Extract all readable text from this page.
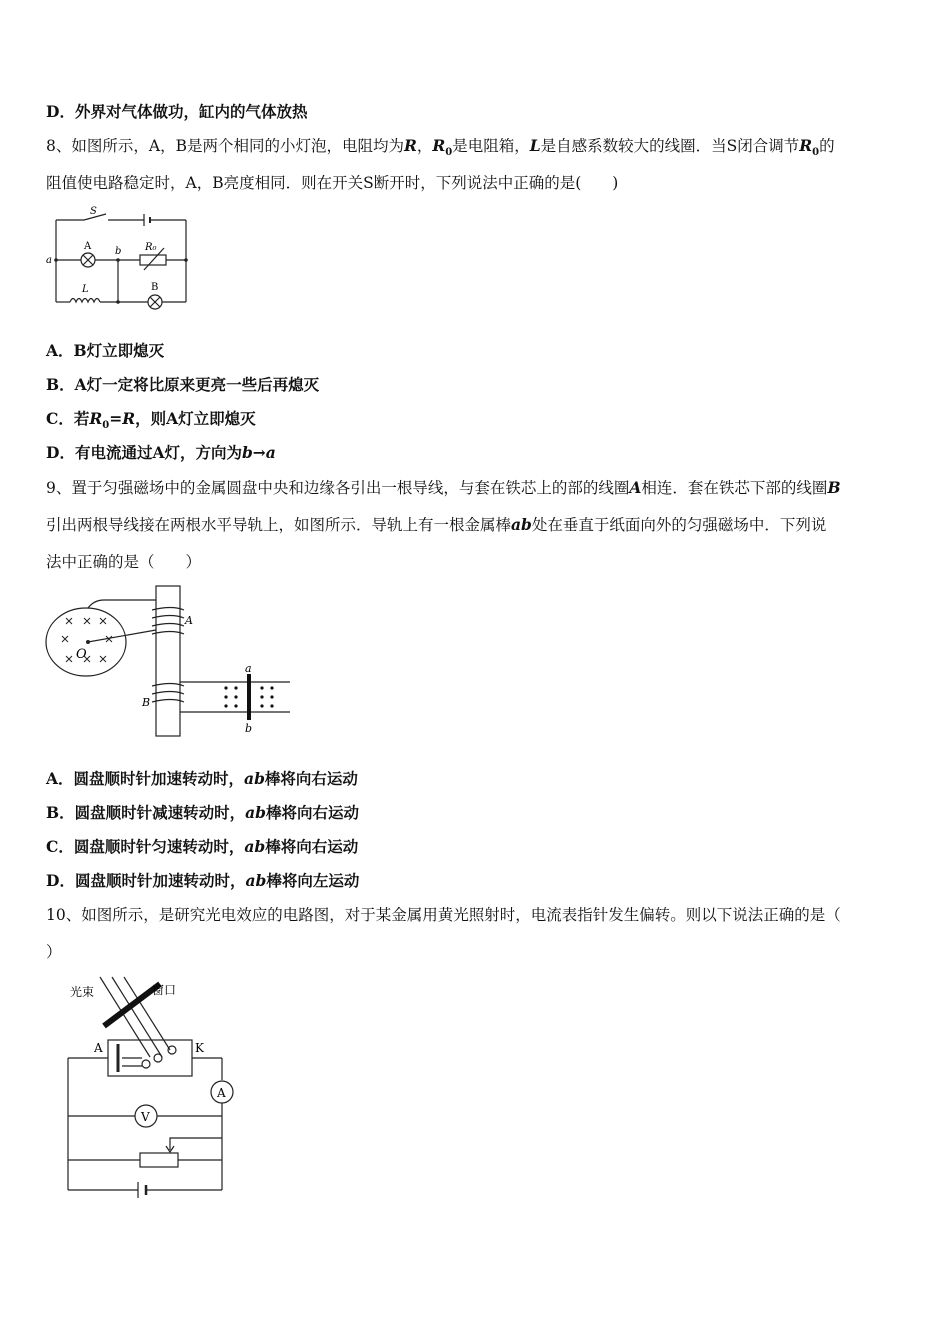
D．外界对气体做功，缸内的气体放热
8、如图所示，A，B是两个相同的小灯泡，电阻均为R，$R_0$是电阻箱，L是自感系数较大的线圈．当S闭合调节$R_0$的
阻值使电路稳定时，A，B亮度相同．则在开关S断开时，下列说法中正确的是(　　)
S
A b R₀
a
L	B
A．B灯立即熄灭
B．A灯一定将比原来更亮一些后再熄灭
C．若$R_0=R$，则A灯立即熄灭
D．有电流通过A灯，方向为b→a
9、置于匀强磁场中的金属圆盘中央和边缘各引出一根导线，与套在铁芯上的部的线圈A相连．套在铁芯下部的线圈B
引出两根导线接在两根水平导轨上，如图所示．导轨上有一根金属棒ab处在垂直于纸面向外的匀强磁场中．下列说
法中正确的是（　　）
A
B
O
a
b
A．圆盘顺时针加速转动时，ab棒将向右运动
B．圆盘顺时针减速转动时，ab棒将向右运动
C．圆盘顺时针匀速转动时，ab棒将向右运动
D．圆盘顺时针加速转动时，ab棒将向左运动
10、如图所示，是研究光电效应的电路图，对于某金属用黄光照射时，电流表指针发生偏转。则以下说法正确的是（
）
光束	窗口
A	K
A
V
